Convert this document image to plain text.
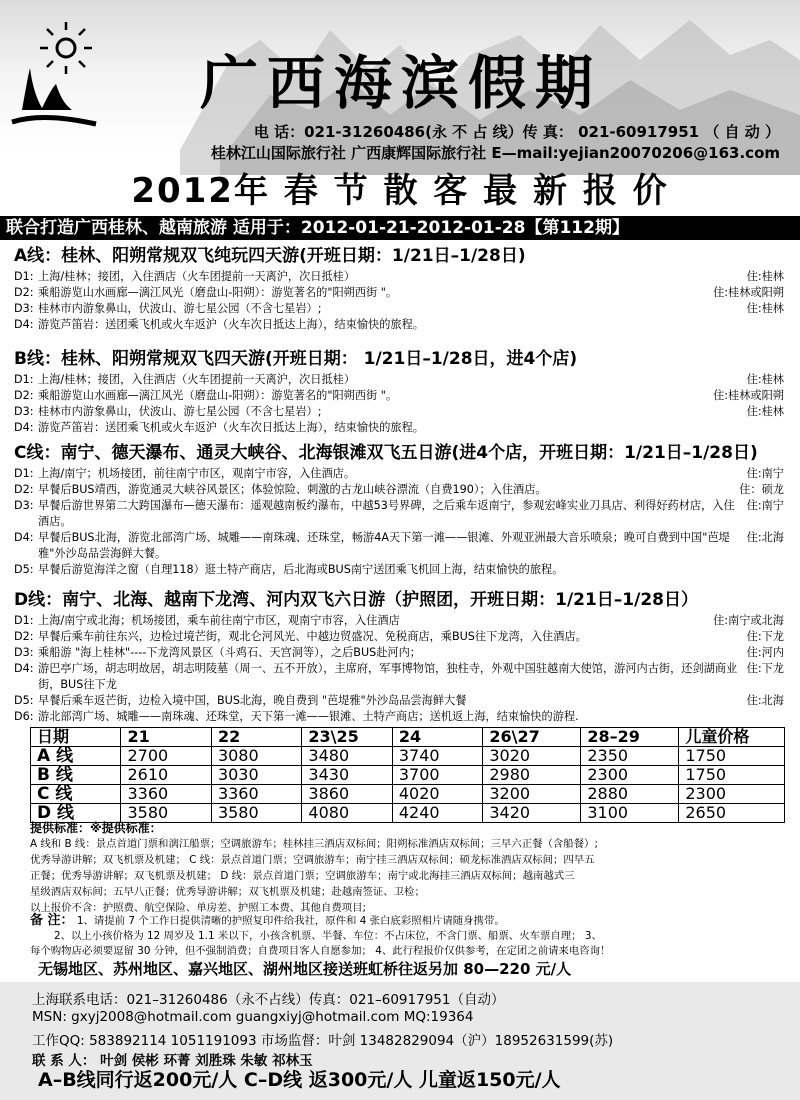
广西海滨假期
电 话：021-31260486(永 不 占 线）传 真： 021-60917951 （ 自 动 ）
桂林江山国际旅行社 广西康辉国际旅行社 E—mail:yejian20070206@163.com
2012年 春 节 散 客 最 新 报 价
联合打造广西桂林、越南旅游 适用于：2012-01-21-2012-01-28【第112期】
A线：桂林、阳朔常规双飞纯玩四天游(开班日期：1/21日–1/28日)
D1: 上海/桂林；接团，入住酒店（火车团提前一天离沪，次日抵桂）	住:桂林
D2: 乘船游览山水画廊—漓江风光（磨盘山-阳朔）：游览著名的"阳朔西街 "。	住:桂林或阳朔
D3: 桂林市内游象鼻山，伏波山、游七星公园（不含七星岩）;	住:桂林
D4: 游览芦笛岩：送团乘飞机或火车返沪（火车次日抵达上海），结束愉快的旅程。
B线：桂林、阳朔常规双飞四天游(开班日期： 1/21日–1/28日，进4个店)
D1: 上海/桂林；接团，入住酒店（火车团提前一天离沪，次日抵桂）	住:桂林
D2: 乘船游览山水画廊—漓江风光（磨盘山-阳朔）：游览著名的"阳朔西街 "。	住:桂林或阳朔
D3: 桂林市内游象鼻山，伏波山、游七星公园（不含七星岩）;	住:桂林
D4: 游览芦笛岩：送团乘飞机或火车返沪（火车次日抵达上海），结束愉快的旅程。
C线：南宁、德天瀑布、通灵大峡谷、北海银滩双飞五日游(进4个店，开班日期：1/21日–1/28日)
D1: 上海/南宁；机场接团，前往南宁市区，观南宁市容，入住酒店。	住:南宁
D2: 早餐后BUS靖西，游览通灵大峡谷风景区；体验惊险、刺激的古龙山峡谷漂流（自费190）；入住酒店。	住：硕龙
D3: 早餐后游世界第二大跨国瀑布—德天瀑布：遥观越南板约瀑布，中越53号界碑，之后乘车返南宁，参观宏峰实业刀具店、利得好药材店，入住酒店。
住:南宁
D4: 早餐后BUS北海，游览北部湾广场、城雕——南珠魂、还珠堂，畅游4A天下第一滩——银滩、外观亚洲最大音乐喷泉；晚可自费到中国"芭堤雅"外沙岛品尝海鲜大餐。
住:北海
D5: 早餐后游览海洋之窗（自理118）逛土特产商店，后北海或BUS南宁送团乘飞机回上海，结束愉快的旅程。
D线：南宁、北海、越南下龙湾、河内双飞六日游（护照团，开班日期：1/21日–1/28日）
D1: 上海/南宁或北海；机场接团，乘车前往南宁市区，观南宁市容，入住酒店	住:南宁或北海
D2: 早餐后乘车前往东兴，边检过境芒街，观北仑河风光、中越边贸盛况、免税商店，乘BUS往下龙湾，入住酒店。	住:下龙
D3: 乘船游 "海上桂林"----下龙湾风景区（斗鸡石、天宫洞等），之后BUS赴河内；	住:河内
D4: 游巴亭广场，胡志明故居，胡志明陵墓（周一、五不开放），主席府，军事博物馆，独柱寺，外观中国驻越南大使馆，游河内古街，还剑湖商业街，BUS往下龙
住:下龙
D5: 早餐后乘车返芒街，边检入境中国，BUS北海，晚自费到 "芭堤雅"外沙岛品尝海鲜大餐	住:北海
D6: 游北部湾广场、城雕——南珠魂、还珠堂，天下第一滩——银滩、土特产商店；送机返上海，结束愉快的游程.
日期	21	22	23\25	24	26\27	28–29	儿童价格
A 线	2700	3080	3480	3740	3020	2350	1750
B 线	2610	3030	3430	3700	2980	2300	1750
C 线	3360	3360	3860	4020	3200	2880	2300
D 线	3580	3580	4080	4240	3420	3100	2650
提供标准：※提供标准：
A 线和 B 线：景点首道门票和漓江船票；空调旅游车；桂林挂三酒店双标间；阳朔标准酒店双标间；三早六正餐（含船餐）;
优秀导游讲解；双飞机票及机建； C 线：景点首道门票；空调旅游车；南宁挂三酒店双标间；硕龙标准酒店双标间；四早五
正餐；优秀导游讲解；双飞机票及机建； D 线：景点首道门票；空调旅游车；南宁或北海挂三酒店双标间；越南越式三
星级酒店双标间；五早八正餐；优秀导游讲解；双飞机票及机建；赴越南签证、卫检；
以上报价不含：护照费、航空保险、单房差、护照工本费、其他自费项目;
备 注： 1、请提前 7 个工作日提供清晰的护照复印件给我社，原件和 4 张白底彩照相片请随身携带。
2、以上小孩价格为 12 周岁及 1.1 米以下，小孩含机票、半餐、车位：不占床位，不含门票、船票、火车票自理； 3、
每个购物店必须要逗留 30 分钟，但不强制消费；自费项目客人自愿参加； 4、此行程报价仅供参考，在定团之前请来电咨询！
无锡地区、苏州地区、嘉兴地区、湖州地区接送班虹桥往返另加 80—220 元/人
上海联系电话：021–31260486（永不占线）传真：021–60917951（自动）
MSN: gxyj2008@hotmail.com guangxiyj@hotmail.com MQ:19364
工作QQ: 583892114 1051191093 市场监督：叶剑 13482829094（沪）18952631599(苏)
联 系 人： 叶剑 侯彬 环菁 刘胜珠 朱敏 祁林玉
A–B线同行返200元/人 C–D线 返300元/人 儿童返150元/人
